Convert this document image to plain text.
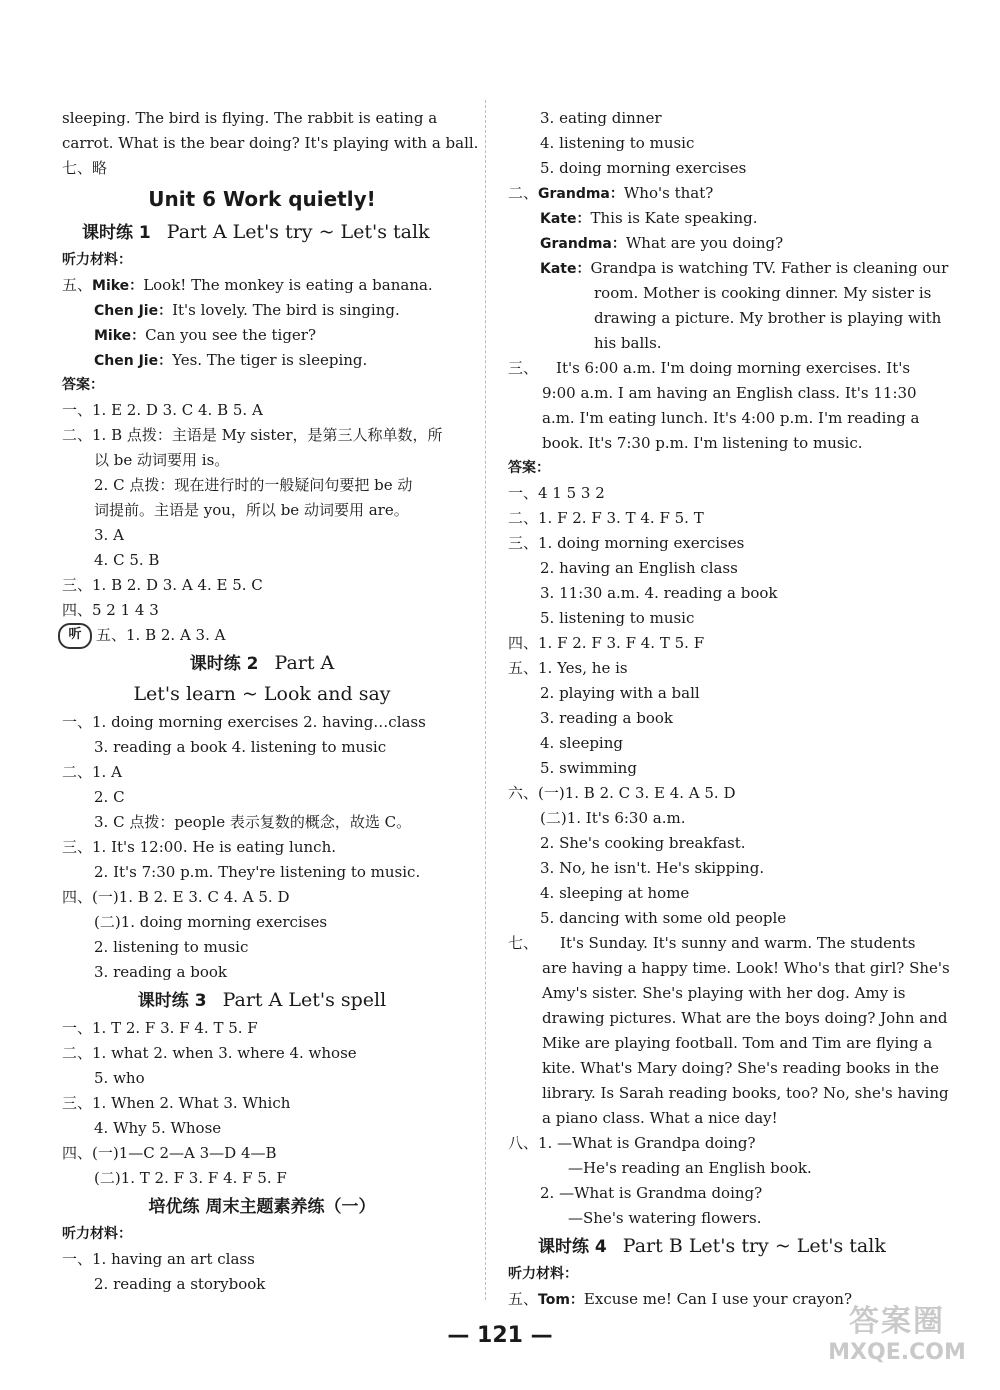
sleeping. The bird is flying. The rabbit is eating a
carrot. What is the bear doing? It's playing with a ball.
七、略
Unit 6 Work quietly!
课时练 1 Part A Let's try ~ Let's talk
听力材料：
五、Mike：Look! The monkey is eating a banana.
Chen Jie：It's lovely. The bird is singing.
Mike：Can you see the tiger?
Chen Jie：Yes. The tiger is sleeping.
答案：
一、1. E 2. D 3. C 4. B 5. A
二、1. B 点拨：主语是 My sister，是第三人称单数，所
以 be 动词要用 is。
2. C 点拨：现在进行时的一般疑问句要把 be 动
词提前。主语是 you，所以 be 动词要用 are。
3. A
4. C 5. B
三、1. B 2. D 3. A 4. E 5. C
四、5 2 1 4 3
听 五、1. B 2. A 3. A
课时练 2 Part A
Let's learn ~ Look and say
一、1. doing morning exercises 2. having…class
3. reading a book 4. listening to music
二、1. A
2. C
3. C 点拨：people 表示复数的概念，故选 C。
三、1. It's 12:00. He is eating lunch.
2. It's 7:30 p.m. They're listening to music.
四、(一)1. B 2. E 3. C 4. A 5. D
(二)1. doing morning exercises
2. listening to music
3. reading a book
课时练 3 Part A Let's spell
一、1. T 2. F 3. F 4. T 5. F
二、1. what 2. when 3. where 4. whose
5. who
三、1. When 2. What 3. Which
4. Why 5. Whose
四、(一)1—C 2—A 3—D 4—B
(二)1. T 2. F 3. F 4. F 5. F
培优练 周末主题素养练（一）
听力材料：
一、1. having an art class
2. reading a storybook
3. eating dinner
4. listening to music
5. doing morning exercises
二、Grandma：Who's that?
Kate：This is Kate speaking.
Grandma：What are you doing?
Kate：Grandpa is watching TV. Father is cleaning our
room. Mother is cooking dinner. My sister is
drawing a picture. My brother is playing with
his balls.
三、 It's 6:00 a.m. I'm doing morning exercises. It's
9:00 a.m. I am having an English class. It's 11:30
a.m. I'm eating lunch. It's 4:00 p.m. I'm reading a
book. It's 7:30 p.m. I'm listening to music.
答案：
一、4 1 5 3 2
二、1. F 2. F 3. T 4. F 5. T
三、1. doing morning exercises
2. having an English class
3. 11:30 a.m. 4. reading a book
5. listening to music
四、1. F 2. F 3. F 4. T 5. F
五、1. Yes, he is
2. playing with a ball
3. reading a book
4. sleeping
5. swimming
六、(一)1. B 2. C 3. E 4. A 5. D
(二)1. It's 6:30 a.m.
2. She's cooking breakfast.
3. No, he isn't. He's skipping.
4. sleeping at home
5. dancing with some old people
七、 It's Sunday. It's sunny and warm. The students
are having a happy time. Look! Who's that girl? She's
Amy's sister. She's playing with her dog. Amy is
drawing pictures. What are the boys doing? John and
Mike are playing football. Tom and Tim are flying a
kite. What's Mary doing? She's reading books in the
library. Is Sarah reading books, too? No, she's having
a piano class. What a nice day!
八、1. —What is Grandpa doing?
—He's reading an English book.
2. —What is Grandma doing?
—She's watering flowers.
课时练 4 Part B Let's try ~ Let's talk
听力材料：
五、Tom：Excuse me! Can I use your crayon?
— 121 —	答案圈
MXQE.COM
